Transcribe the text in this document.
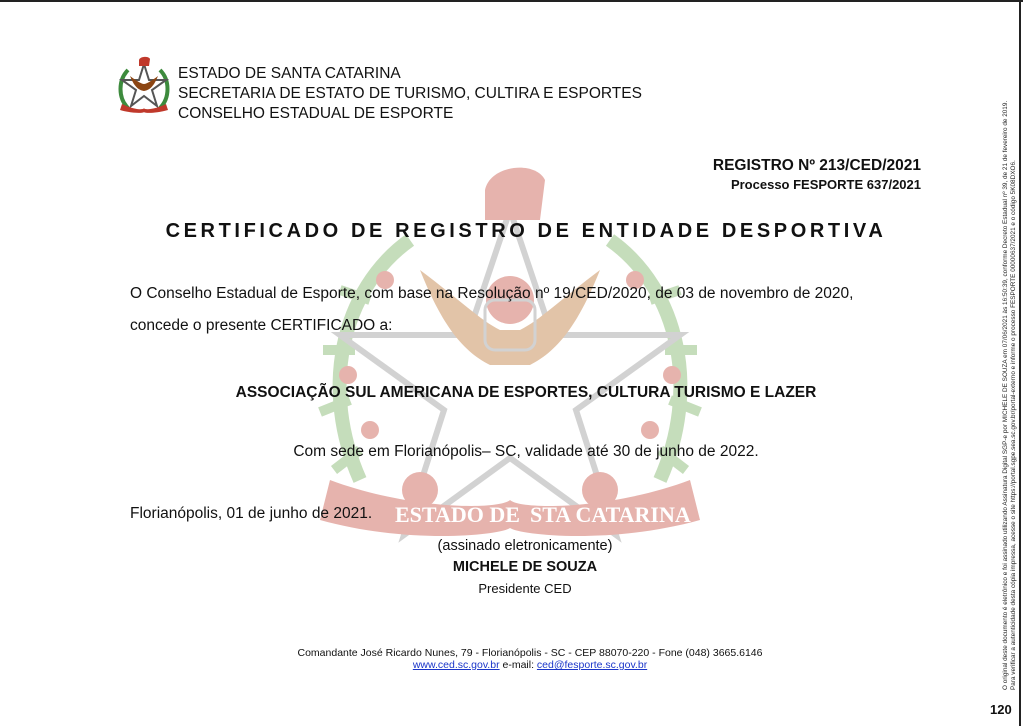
ESTADO DE STA CATARINA
ESTADO DE SANTA CATARINA
SECRETARIA DE ESTATO DE TURISMO, CULTIRA E ESPORTES
CONSELHO ESTADUAL DE ESPORTE
REGISTRO Nº 213/CED/2021
Processo FESPORTE 637/2021
CERTIFICADO DE REGISTRO DE ENTIDADE DESPORTIVA
O Conselho Estadual de Esporte, com base na Resolução nº 19/CED/2020, de 03 de novembro de 2020,
concede o presente CERTIFICADO a:
ASSOCIAÇÃO SUL AMERICANA DE ESPORTES, CULTURA TURISMO E LAZER
Com sede em Florianópolis– SC, validade até 30 de junho de 2022.
Florianópolis, 01 de junho de 2021.
(assinado eletronicamente)
MICHELE DE SOUZA
Presidente CED
Comandante José Ricardo Nunes, 79 - Florianópolis - SC - CEP 88070-220 - Fone (048) 3665.6146
www.ced.sc.gov.br e-mail: ced@fesporte.sc.gov.br	O original deste documento é eletrônico e foi assinado utilizando Assinatura Digital SGP-e por MICHELE DE SOUZA em 07/06/2021 às 16:50:39, conforme Decreto Estadual nº 39, de 21 de fevereiro de 2019. Para verificar a autenticidade desta cópia impressa, acesse o site https://portal.sgpe.sea.sc.gov.br/portal-externo e informe o processo FESPORTE 00000637/2021 e o código 5K08DXO6.
120
